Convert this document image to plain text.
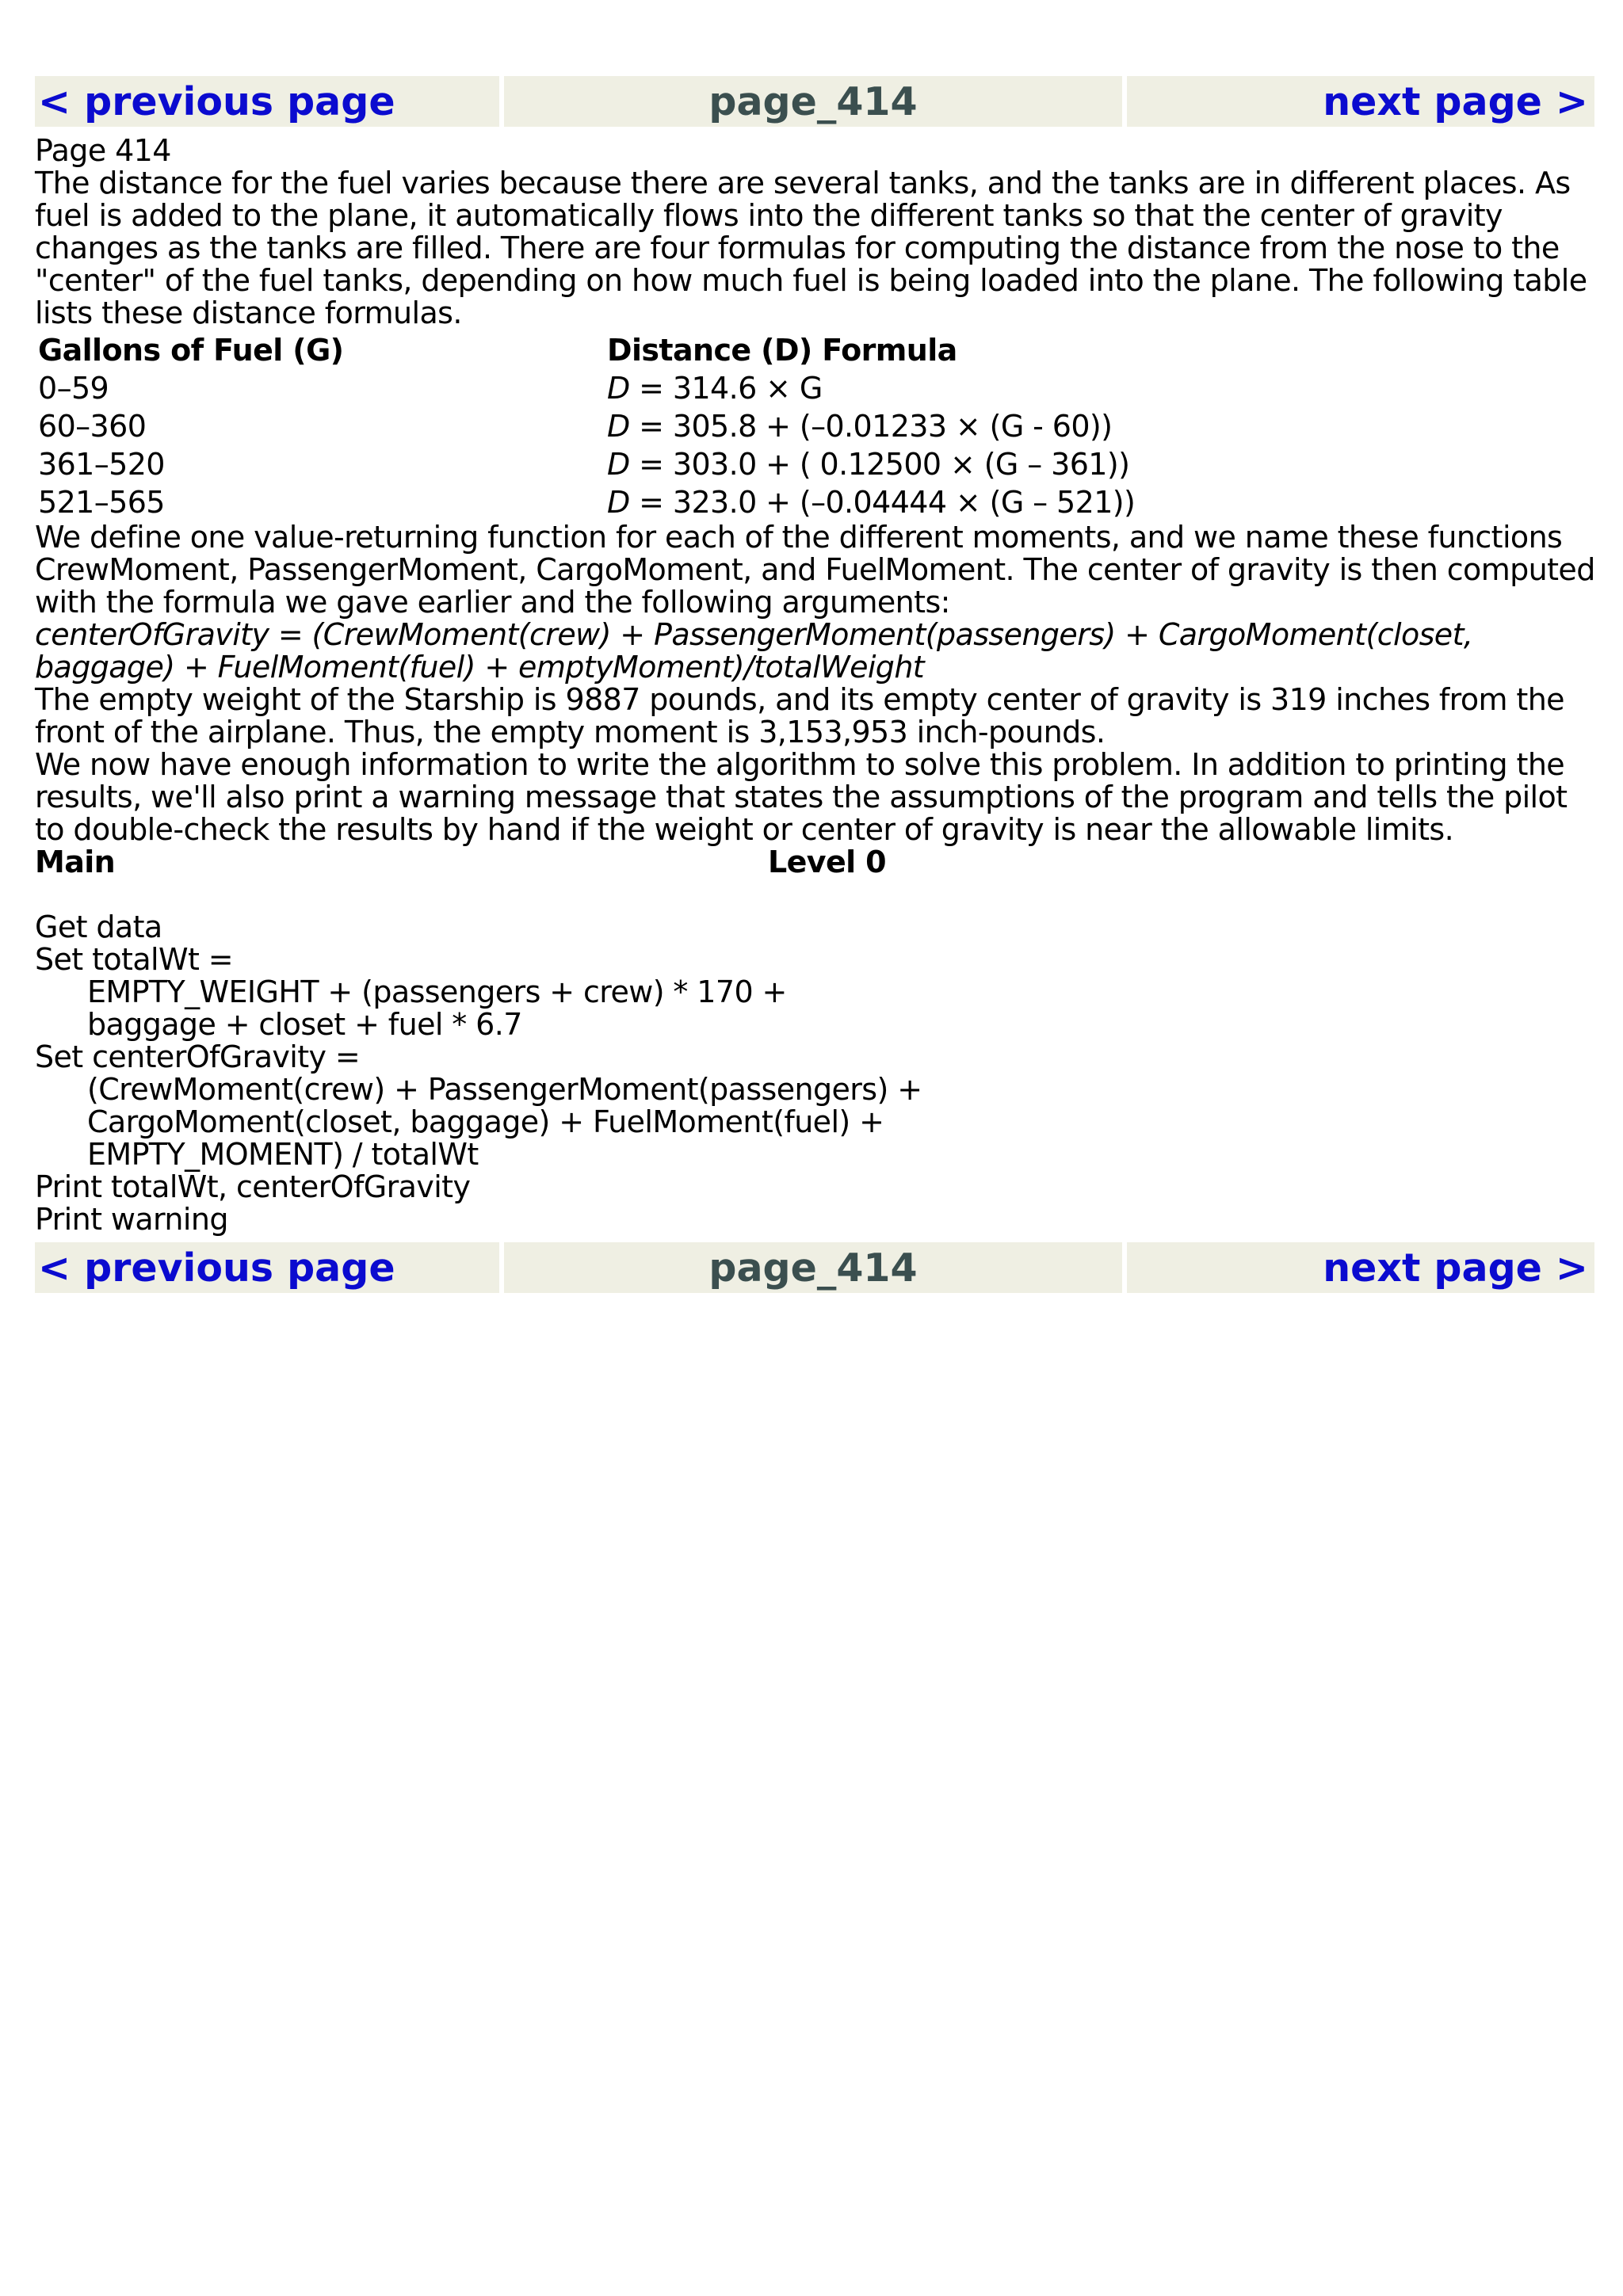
< previous page	page_414	next page >

Page 414

The distance for the fuel varies because there are several tanks, and the tanks are in different places. As fuel is added to the plane, it automatically flows into the different tanks so that the center of gravity changes as the tanks are filled. There are four formulas for computing the distance from the nose to the "center" of the fuel tanks, depending on how much fuel is being loaded into the plane. The following table lists these distance formulas.

Gallons of Fuel (G)	Distance (D) Formula
0–59	D = 314.6 × G
60–360	D = 305.8 + (–0.01233 × (G - 60))
361–520	D = 303.0 + ( 0.12500 × (G – 361))
521–565	D = 323.0 + (–0.04444 × (G – 521))

We define one value-returning function for each of the different moments, and we name these functions CrewMoment, PassengerMoment, CargoMoment, and FuelMoment. The center of gravity is then computed with the formula we gave earlier and the following arguments:

centerOfGravity = (CrewMoment(crew) + PassengerMoment(passengers) + CargoMoment(closet, baggage) + FuelMoment(fuel) + emptyMoment)/totalWeight

The empty weight of the Starship is 9887 pounds, and its empty center of gravity is 319 inches from the front of the airplane. Thus, the empty moment is 3,153,953 inch-pounds.

We now have enough information to write the algorithm to solve this problem. In addition to printing the results, we'll also print a warning message that states the assumptions of the program and tells the pilot to double-check the results by hand if the weight or center of gravity is near the allowable limits.

Main	Level 0
Get data
Set totalWt =
EMPTY_WEIGHT + (passengers + crew) * 170 +
baggage + closet + fuel * 6.7
Set centerOfGravity =
(CrewMoment(crew) + PassengerMoment(passengers) +
CargoMoment(closet, baggage) + FuelMoment(fuel) +
EMPTY_MOMENT) / totalWt
Print totalWt, centerOfGravity
Print warning
< previous page	page_414	next page >
